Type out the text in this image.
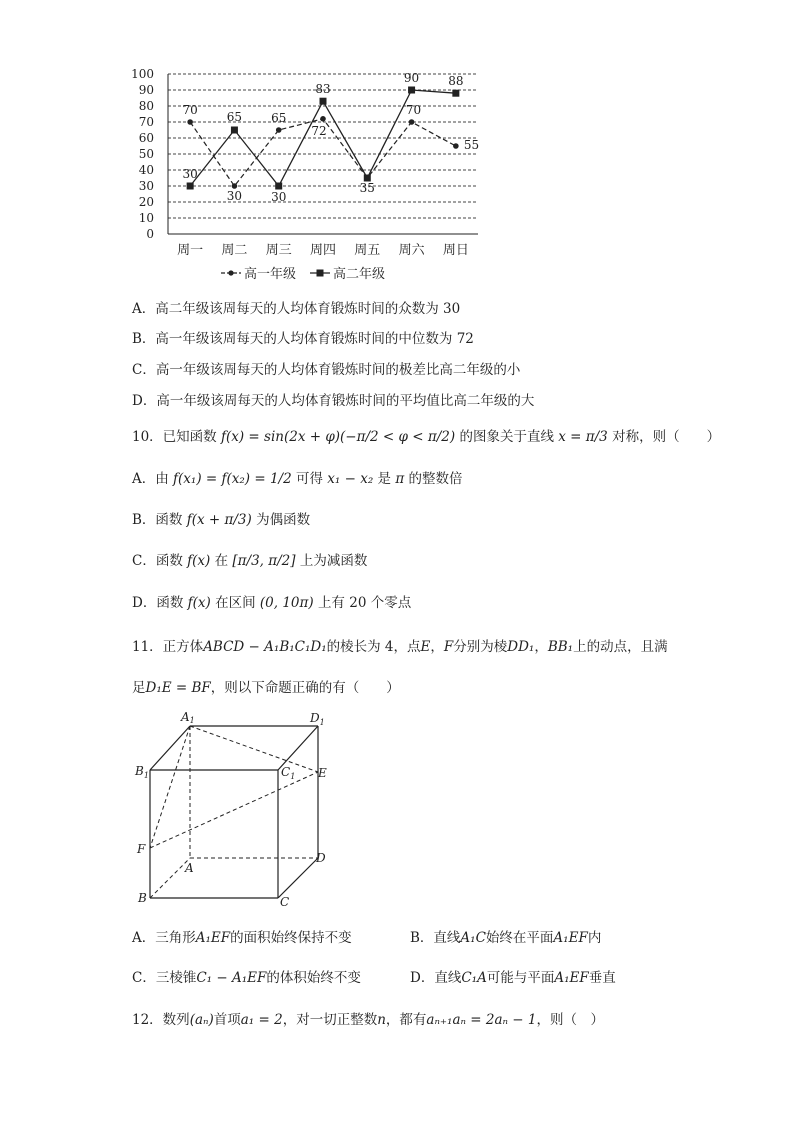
0
10
20
30
40
50
60
70
80
90
100
周一 周二 周三 周四 周五 周六 周日
70
30
65
72
35
70
55
30
65
30
83
90 88
高一年级	高二年级
A．高二年级该周每天的人均体育锻炼时间的众数为 30
B．高一年级该周每天的人均体育锻炼时间的中位数为 72
C．高一年级该周每天的人均体育锻炼时间的极差比高二年级的小
D．高一年级该周每天的人均体育锻炼时间的平均值比高二年级的大
10．已知函数 f(x) = sin(2x + φ)(−π/2 < φ < π/2) 的图象关于直线 x = π/3 对称，则（　　）
A．由 f(x₁) = f(x₂) = 1/2 可得 x₁ − x₂ 是 π 的整数倍
B．函数 f(x + π/3) 为偶函数
C．函数 f(x) 在 [π/3, π/2] 上为减函数
D．函数 f(x) 在区间 (0, 10π) 上有 20 个零点
11．正方体ABCD − A₁B₁C₁D₁的棱长为 4，点E，F分别为棱DD₁，BB₁上的动点，且满
足D₁E = BF，则以下命题正确的有（　　）
A1	$D_1$
$B_1$	$C_1$ E
F
A
D
B	C
A．三角形A₁EF的面积始终保持不变	B．直线A₁C始终在平面A₁EF内
C．三棱锥C₁ − A₁EF的体积始终不变	D．直线C₁A可能与平面A₁EF垂直
12．数列(aₙ)首项a₁ = 2，对一切正整数n，都有aₙ₊₁aₙ = 2aₙ − 1，则（　）
